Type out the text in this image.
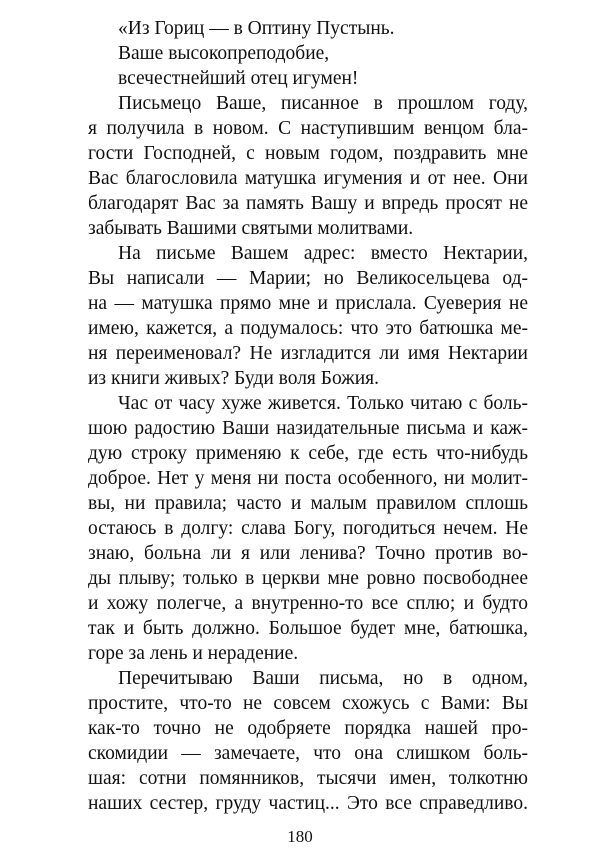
«Из Гориц — в Оптину Пустынь.
Ваше высокопреподобие,
всечестнейший отец игумен!
Письмецо Ваше, писанное в прошлом году,
я получила в новом. С наступившим венцом бла-
гости Господней, с новым годом, поздравить мне
Вас благословила матушка игумения и от нее. Они
благодарят Вас за память Вашу и впредь просят не
забывать Вашими святыми молитвами.
На письме Вашем адрес: вместо Нектарии,
Вы написали — Марии; но Великосельцева од-
на — матушка прямо мне и прислала. Суеверия не
имею, кажется, а подумалось: что это батюшка ме-
ня переименовал? Не изгладится ли имя Нектарии
из книги живых? Буди воля Божия.
Час от часу хуже живется. Только читаю с боль-
шою радостию Ваши назидательные письма и каж-
дую строку применяю к себе, где есть что-нибудь
доброе. Нет у меня ни поста особенного, ни молит-
вы, ни правила; часто и малым правилом сплошь
остаюсь в долгу: слава Богу, погодиться нечем. Не
знаю, больна ли я или ленива? Точно против во-
ды плыву; только в церкви мне ровно посвободнее
и хожу полегче, а внутренно-то все сплю; и будто
так и быть должно. Большое будет мне, батюшка,
горе за лень и нерадение.
Перечитываю Ваши письма, но в одном,
простите, что-то не совсем схожусь с Вами: Вы
как-то точно не одобряете порядка нашей про-
скомидии — замечаете, что она слишком боль-
шая: сотни помянников, тысячи имен, толкотню
наших сестер, груду частиц... Это все справедливо.
180
